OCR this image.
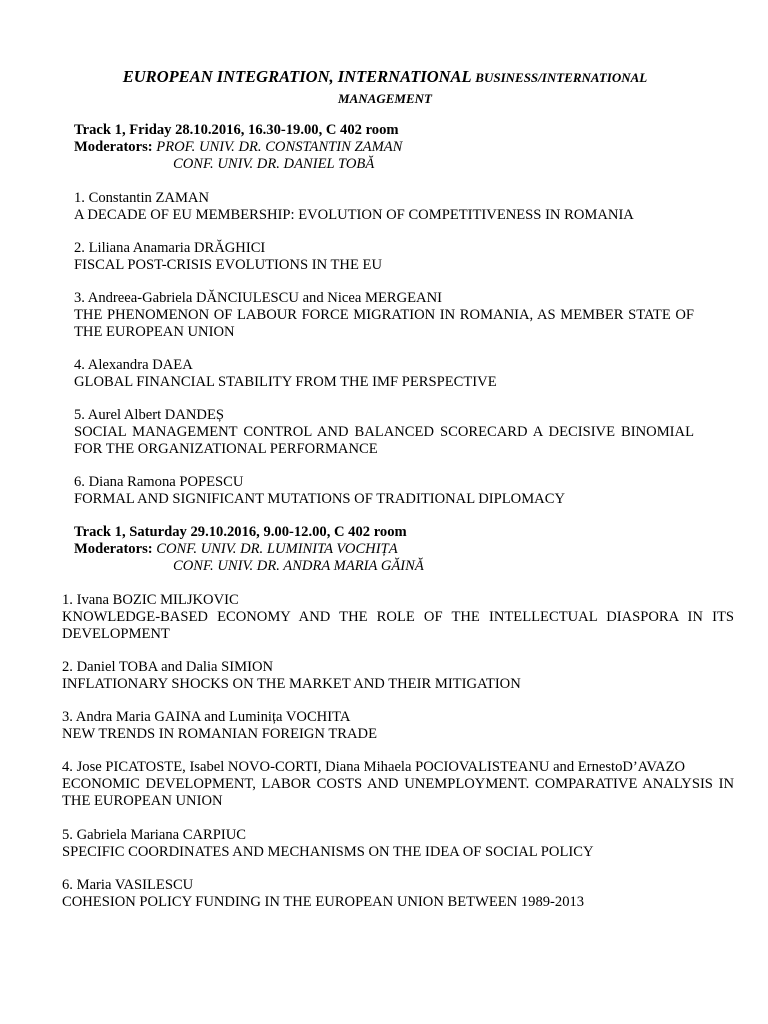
EUROPEAN INTEGRATION, INTERNATIONAL BUSINESS/INTERNATIONAL
MANAGEMENT
Track 1, Friday 28.10.2016, 16.30-19.00, C 402 room
Moderators: PROF. UNIV. DR. CONSTANTIN ZAMAN
CONF. UNIV. DR. DANIEL TOBĂ
1. Constantin ZAMAN
A DECADE OF EU MEMBERSHIP: EVOLUTION OF COMPETITIVENESS IN ROMANIA
2. Liliana Anamaria DRĂGHICI
FISCAL POST-CRISIS EVOLUTIONS IN THE EU
3. Andreea-Gabriela DĂNCIULESCU and Nicea MERGEANI
THE PHENOMENON OF LABOUR FORCE MIGRATION IN ROMANIA, AS MEMBER STATE OF THE EUROPEAN UNION
4. Alexandra DAEA
GLOBAL FINANCIAL STABILITY FROM THE IMF PERSPECTIVE
5. Aurel Albert DANDEȘ
SOCIAL MANAGEMENT CONTROL AND BALANCED SCORECARD A DECISIVE BINOMIAL FOR THE ORGANIZATIONAL PERFORMANCE
6. Diana Ramona POPESCU
FORMAL AND SIGNIFICANT MUTATIONS OF TRADITIONAL DIPLOMACY
Track 1, Saturday 29.10.2016, 9.00-12.00, C 402 room
Moderators: CONF. UNIV. DR. LUMINITA VOCHIȚA
CONF. UNIV. DR. ANDRA MARIA GĂINĂ
1. Ivana BOZIC MILJKOVIC
KNOWLEDGE-BASED ECONOMY AND THE ROLE OF THE INTELLECTUAL DIASPORA IN ITS DEVELOPMENT
2. Daniel TOBA and Dalia SIMION
INFLATIONARY SHOCKS ON THE MARKET AND THEIR MITIGATION
3. Andra Maria GAINA and Luminița VOCHITA
NEW TRENDS IN ROMANIAN FOREIGN TRADE
4. Jose PICATOSTE, Isabel NOVO-CORTI, Diana Mihaela POCIOVALISTEANU and ErnestoD’AVAZO
ECONOMIC DEVELOPMENT, LABOR COSTS AND UNEMPLOYMENT. COMPARATIVE ANALYSIS IN THE EUROPEAN UNION
5. Gabriela Mariana CARPIUC
SPECIFIC COORDINATES AND MECHANISMS ON THE IDEA OF SOCIAL POLICY
6. Maria VASILESCU
COHESION POLICY FUNDING IN THE EUROPEAN UNION BETWEEN 1989-2013
